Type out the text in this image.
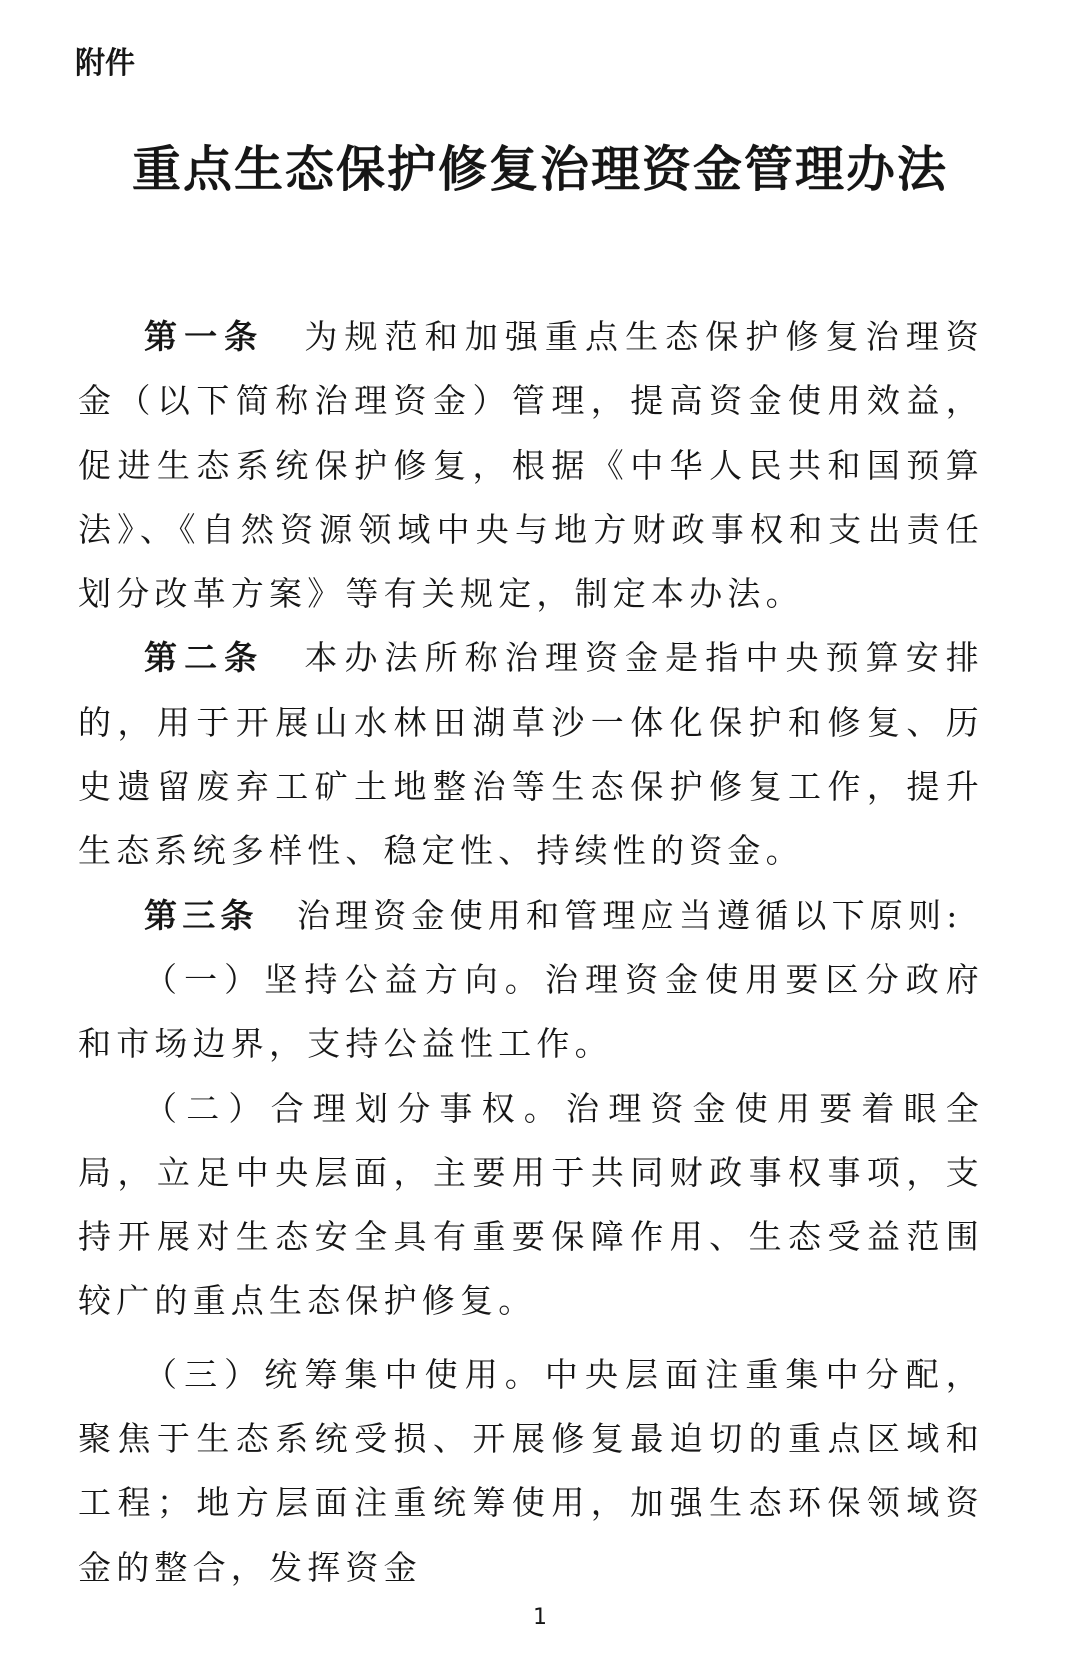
附件

重点生态保护修复治理资金管理办法

第一条　 为规范和加强重点生态保护修复治理资金（以下简称治理资金）管理，提高资金使用效益，促进生态系统保护修复，根据《中华人民共和国预算法》、《自然资源领域中央与地方财政事权和支出责任划分改革方案》等有关规定，制定本办法。

第二条　 本办法所称治理资金是指中央预算安排的，用于开展山水林田湖草沙一体化保护和修复、历史遗留废弃工矿土地整治等生态保护修复工作，提升生态系统多样性、稳定性、持续性的资金。

第三条　 治理资金使用和管理应当遵循以下原则:

（一）坚持公益方向。治理资金使用要区分政府和市场边界，支持公益性工作。

（二）合理划分事权。治理资金使用要着眼全局，立足中央层面，主要用于共同财政事权事项，支持开展对生态安全具有重要保障作用、生态受益范围较广的重点生态保护修复。

（三）统筹集中使用。中央层面注重集中分配，聚焦于生态系统受损、开展修复最迫切的重点区域和工程；地方层面注重统筹使用，加强生态环保领域资金的整合，发挥资金

1
